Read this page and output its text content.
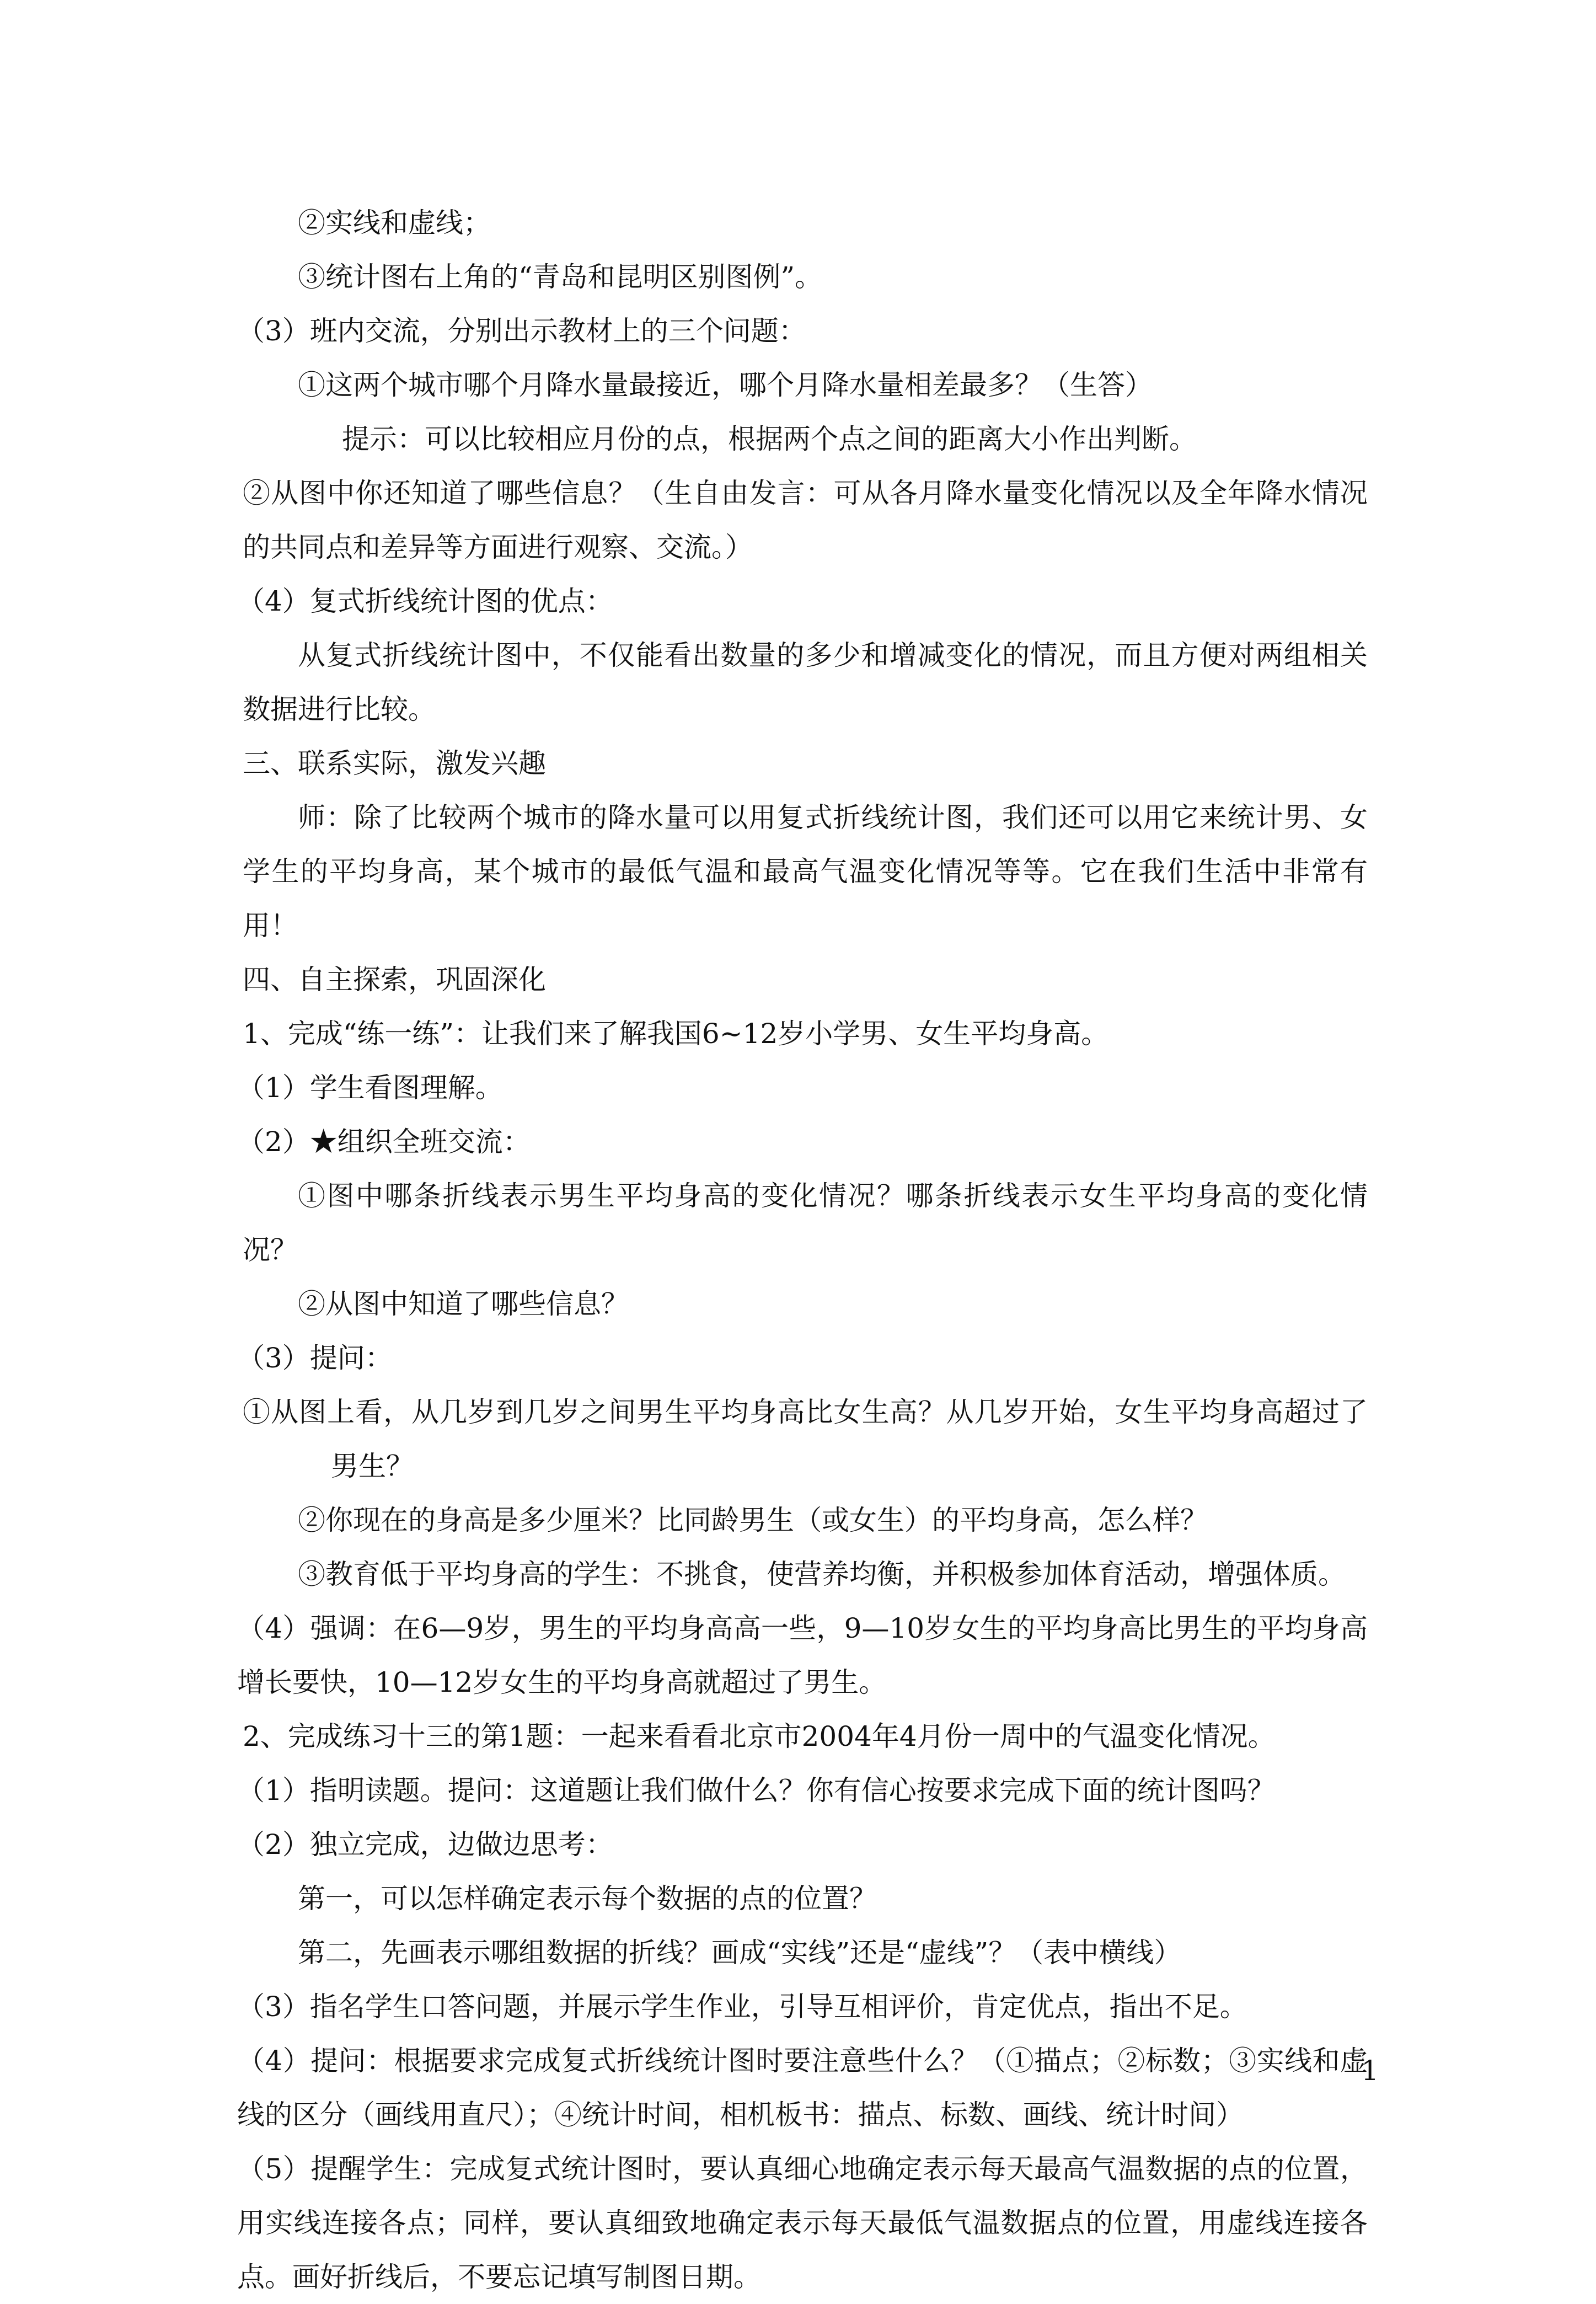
②实线和虚线；

③统计图右上角的“青岛和昆明区别图例”。

（3）班内交流，分别出示教材上的三个问题：

①这两个城市哪个月降水量最接近，哪个月降水量相差最多？（生答）

提示：可以比较相应月份的点，根据两个点之间的距离大小作出判断。

②从图中你还知道了哪些信息？（生自由发言：可从各月降水量变化情况以及全年降水情况的共同点和差异等方面进行观察、交流。）

（4）复式折线统计图的优点：

从复式折线统计图中，不仅能看出数量的多少和增减变化的情况，而且方便对两组相关数据进行比较。

三、联系实际，激发兴趣

师：除了比较两个城市的降水量可以用复式折线统计图，我们还可以用它来统计男、女学生的平均身高，某个城市的最低气温和最高气温变化情况等等。它在我们生活中非常有用！

四、自主探索，巩固深化

1、完成“练一练”：让我们来了解我国6~12岁小学男、女生平均身高。

（1）学生看图理解。

（2）★组织全班交流：

①图中哪条折线表示男生平均身高的变化情况？哪条折线表示女生平均身高的变化情况？

②从图中知道了哪些信息？

（3）提问：

①从图上看，从几岁到几岁之间男生平均身高比女生高？从几岁开始，女生平均身高超过了男生？

②你现在的身高是多少厘米？比同龄男生（或女生）的平均身高，怎么样？

③教育低于平均身高的学生：不挑食，使营养均衡，并积极参加体育活动，增强体质。

（4）强调：在6—9岁，男生的平均身高高一些，9—10岁女生的平均身高比男生的平均身高增长要快，10—12岁女生的平均身高就超过了男生。

2、完成练习十三的第1题：一起来看看北京市2004年4月份一周中的气温变化情况。

（1）指明读题。提问：这道题让我们做什么？你有信心按要求完成下面的统计图吗？

（2）独立完成，边做边思考：

第一，可以怎样确定表示每个数据的点的位置？

第二，先画表示哪组数据的折线？画成“实线”还是“虚线”？（表中横线）

（3）指名学生口答问题，并展示学生作业，引导互相评价，肯定优点，指出不足。

（4）提问：根据要求完成复式折线统计图时要注意些什么？（①描点；②标数；③实线和虚线的区分（画线用直尺）；④统计时间，相机板书：描点、标数、画线、统计时间）

（5）提醒学生：完成复式统计图时，要认真细心地确定表示每天最高气温数据的点的位置，用实线连接各点；同样，要认真细致地确定表示每天最低气温数据点的位置，用虚线连接各点。画好折线后，不要忘记填写制图日期。

1
